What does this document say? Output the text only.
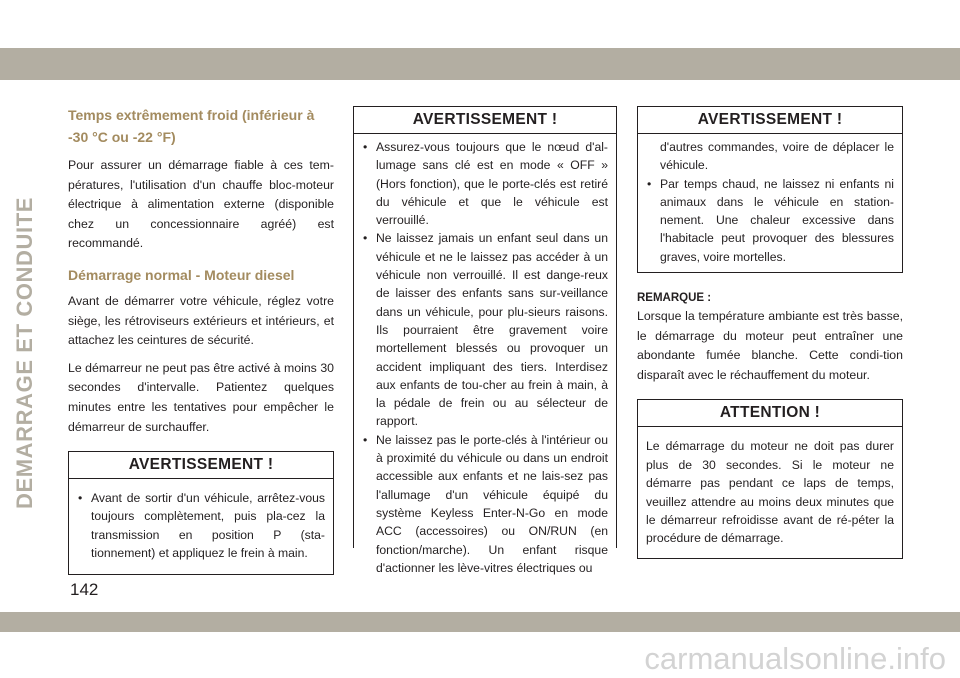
DEMARRAGE ET CONDUITE
Temps extrêmement froid (inférieur à -30 °C ou -22 °F)

Pour assurer un démarrage fiable à ces tem-pératures, l'utilisation d'un chauffe bloc-moteur électrique à alimentation externe (disponible chez un concessionnaire agréé) est recommandé.

Démarrage normal - Moteur diesel

Avant de démarrer votre véhicule, réglez votre siège, les rétroviseurs extérieurs et intérieurs, et attachez les ceintures de sécurité.

Le démarreur ne peut pas être activé à moins 30 secondes d'intervalle. Patientez quelques minutes entre les tentatives pour empêcher le démarreur de surchauffer.

AVERTISSEMENT !
• Avant de sortir d'un véhicule, arrêtez-vous toujours complètement, puis pla-cez la transmission en position P (sta-tionnement) et appliquez le frein à main.
AVERTISSEMENT !
• Assurez-vous toujours que le nœud d'al-lumage sans clé est en mode « OFF » (Hors fonction), que le porte-clés est retiré du véhicule et que le véhicule est verrouillé.
• Ne laissez jamais un enfant seul dans un véhicule et ne le laissez pas accéder à un véhicule non verrouillé. Il est dange-reux de laisser des enfants sans sur-veillance dans un véhicule, pour plu-sieurs raisons. Ils pourraient être gravement voire mortellement blessés ou provoquer un accident impliquant des tiers. Interdisez aux enfants de tou-cher au frein à main, à la pédale de frein ou au sélecteur de rapport.
• Ne laissez pas le porte-clés à l'intérieur ou à proximité du véhicule ou dans un endroit accessible aux enfants et ne lais-sez pas l'allumage d'un véhicule équipé du système Keyless Enter-N-Go en mode ACC (accessoires) ou ON/RUN (en fonction/marche). Un enfant risque d'actionner les lève-vitres électriques ou
AVERTISSEMENT !
d'autres commandes, voire de déplacer le véhicule.
• Par temps chaud, ne laissez ni enfants ni animaux dans le véhicule en station-nement. Une chaleur excessive dans l'habitacle peut provoquer des blessures graves, voire mortelles.
REMARQUE :

Lorsque la température ambiante est très basse, le démarrage du moteur peut entraîner une abondante fumée blanche. Cette condi-tion disparaît avec le réchauffement du moteur.

ATTENTION !

Le démarrage du moteur ne doit pas durer plus de 30 secondes. Si le moteur ne démarre pas pendant ce laps de temps, veuillez attendre au moins deux minutes que le démarreur refroidisse avant de ré-péter la procédure de démarrage.

142
carmanualsonline.info
